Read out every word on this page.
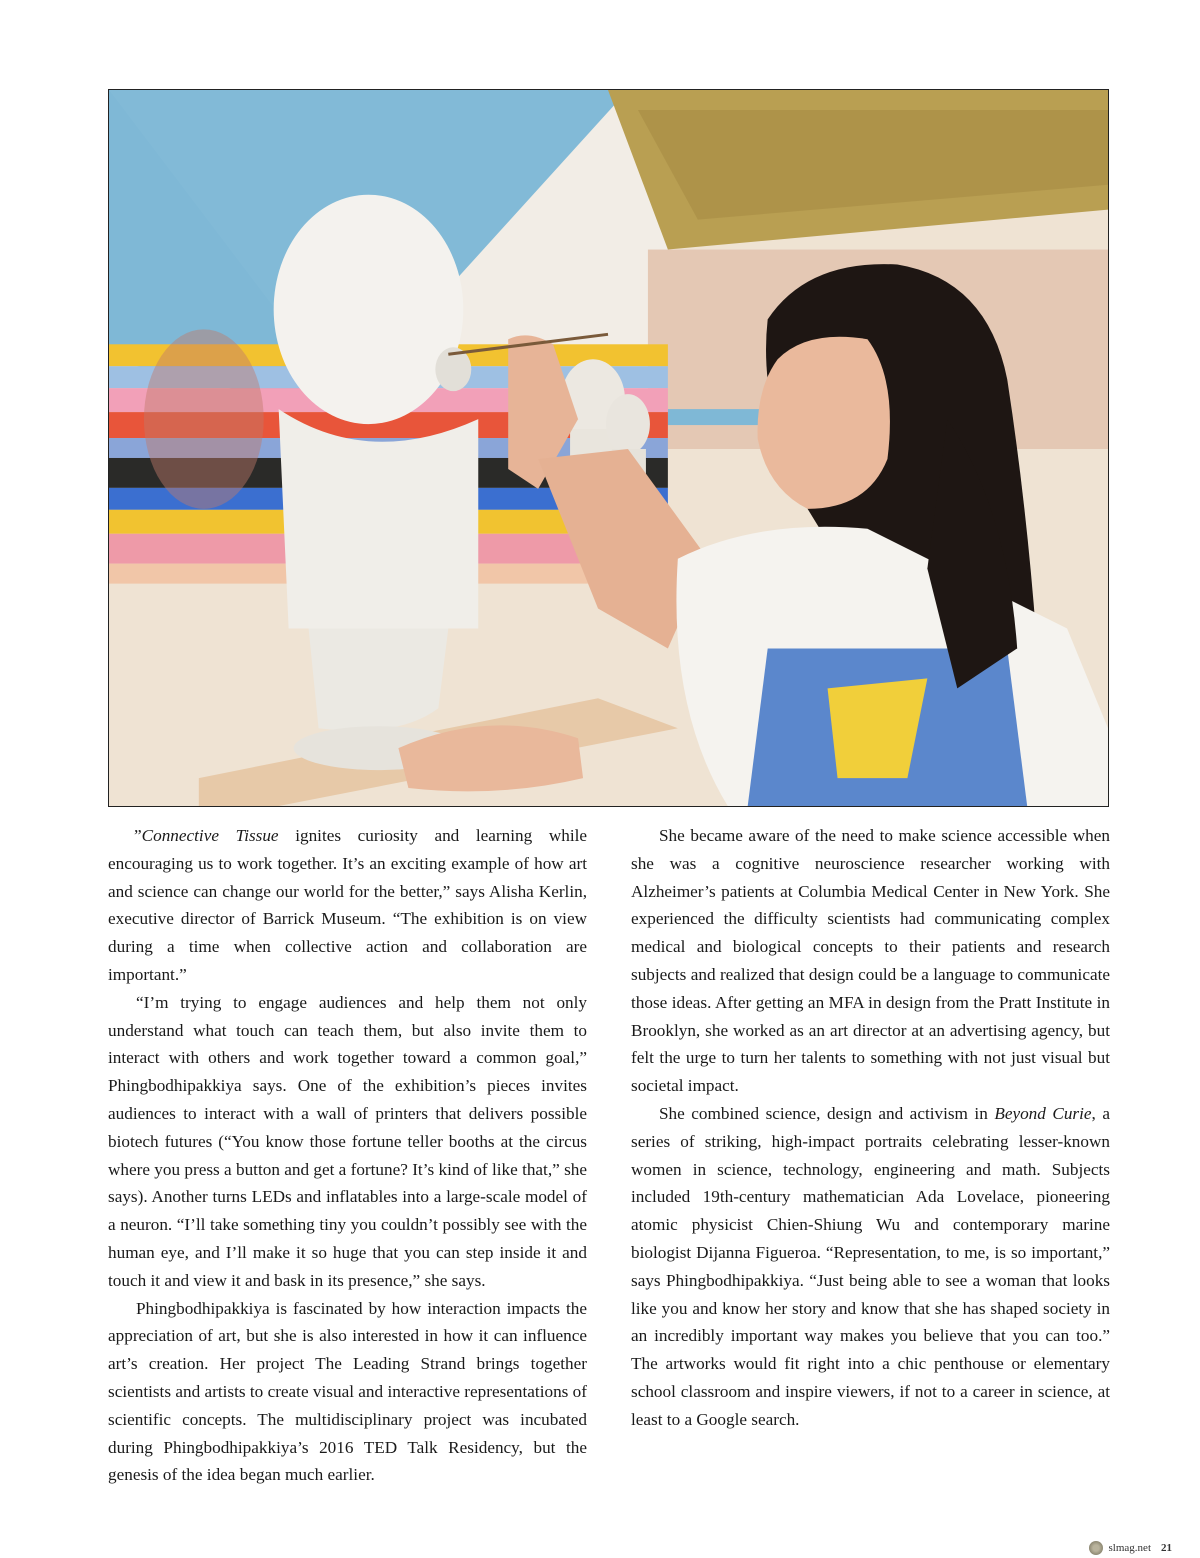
”Connective Tissue ignites curiosity and learning while encouraging us to work together. It’s an exciting example of how art and science can change our world for the better,” says Alisha Kerlin, executive director of Barrick Museum. “The exhibition is on view during a time when collective action and collaboration are important.”

“I’m trying to engage audiences and help them not only understand what touch can teach them, but also invite them to interact with others and work together toward a common goal,” Phingbodhipakkiya says. One of the exhibition’s pieces invites audiences to interact with a wall of printers that delivers possible biotech futures (“You know those fortune teller booths at the circus where you press a button and get a fortune? It’s kind of like that,” she says). Another turns LEDs and inflatables into a large-scale model of a neuron. “I’ll take something tiny you couldn’t possibly see with the human eye, and I’ll make it so huge that you can step inside it and touch it and view it and bask in its presence,” she says.

Phingbodhipakkiya is fascinated by how interaction impacts the appreciation of art, but she is also interested in how it can influence art’s creation. Her project The Leading Strand brings together scientists and artists to create visual and interactive representations of scientific concepts. The multidisciplinary project was incubated during Phingbodhipakkiya’s 2016 TED Talk Residency, but the genesis of the idea began much earlier.

She became aware of the need to make science accessible when she was a cognitive neuroscience researcher working with Alzheimer’s patients at Columbia Medical Center in New York. She experienced the difficulty scientists had communicating complex medical and biological concepts to their patients and research subjects and realized that design could be a language to communicate those ideas. After getting an MFA in design from the Pratt Institute in Brooklyn, she worked as an art director at an advertising agency, but felt the urge to turn her talents to something with not just visual but societal impact.

She combined science, design and activism in Beyond Curie, a series of striking, high-impact portraits celebrating lesser-known women in science, technology, engineering and math. Subjects included 19th-century mathematician Ada Lovelace, pioneering atomic physicist Chien-Shiung Wu and contemporary marine biologist Dijanna Figueroa. “Representation, to me, is so important,” says Phingbodhipakkiya. “Just being able to see a woman that looks like you and know her story and know that she has shaped society in an incredibly important way makes you believe that you can too.” The artworks would fit right into a chic penthouse or elementary school classroom and inspire viewers, if not to a career in science, at least to a Google search.

slmag.net 21
